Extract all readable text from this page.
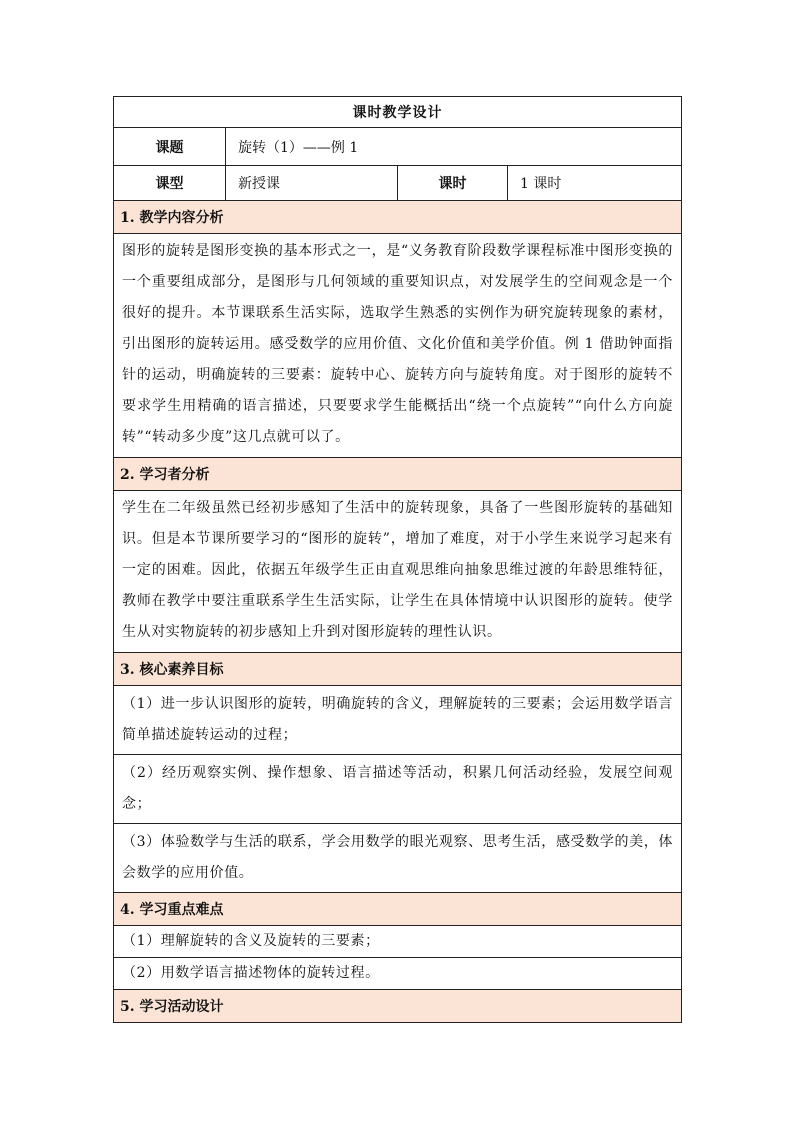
课时教学设计			
课题	旋转（1）——例 1		
课型	新授课	课时	1 课时
1. 教学内容分析			
图形的旋转是图形变换的基本形式之一，是“义务教育阶段数学课程标准中图形变换的一个重要组成部分，是图形与几何领域的重要知识点，对发展学生的空间观念是一个很好的提升。本节课联系生活实际，选取学生熟悉的实例作为研究旋转现象的素材，引出图形的旋转运用。感受数学的应用价值、文化价值和美学价值。例 1 借助钟面指针的运动，明确旋转的三要素：旋转中心、旋转方向与旋转角度。对于图形的旋转不要求学生用精确的语言描述，只要要求学生能概括出“绕一个点旋转”“向什么方向旋转”“转动多少度”这几点就可以了。			
2. 学习者分析			
学生在二年级虽然已经初步感知了生活中的旋转现象，具备了一些图形旋转的基础知识。但是本节课所要学习的“图形的旋转”，增加了难度，对于小学生来说学习起来有一定的困难。因此，依据五年级学生正由直观思维向抽象思维过渡的年龄思维特征，教师在教学中要注重联系学生生活实际，让学生在具体情境中认识图形的旋转。使学生从对实物旋转的初步感知上升到对图形旋转的理性认识。			
3. 核心素养目标			
（1）进一步认识图形的旋转，明确旋转的含义，理解旋转的三要素；会运用数学语言简单描述旋转运动的过程；			
（2）经历观察实例、操作想象、语言描述等活动，积累几何活动经验，发展空间观念；			
（3）体验数学与生活的联系，学会用数学的眼光观察、思考生活，感受数学的美，体会数学的应用价值。			
4. 学习重点难点			
（1）理解旋转的含义及旋转的三要素；			
（2）用数学语言描述物体的旋转过程。			
5. 学习活动设计			
